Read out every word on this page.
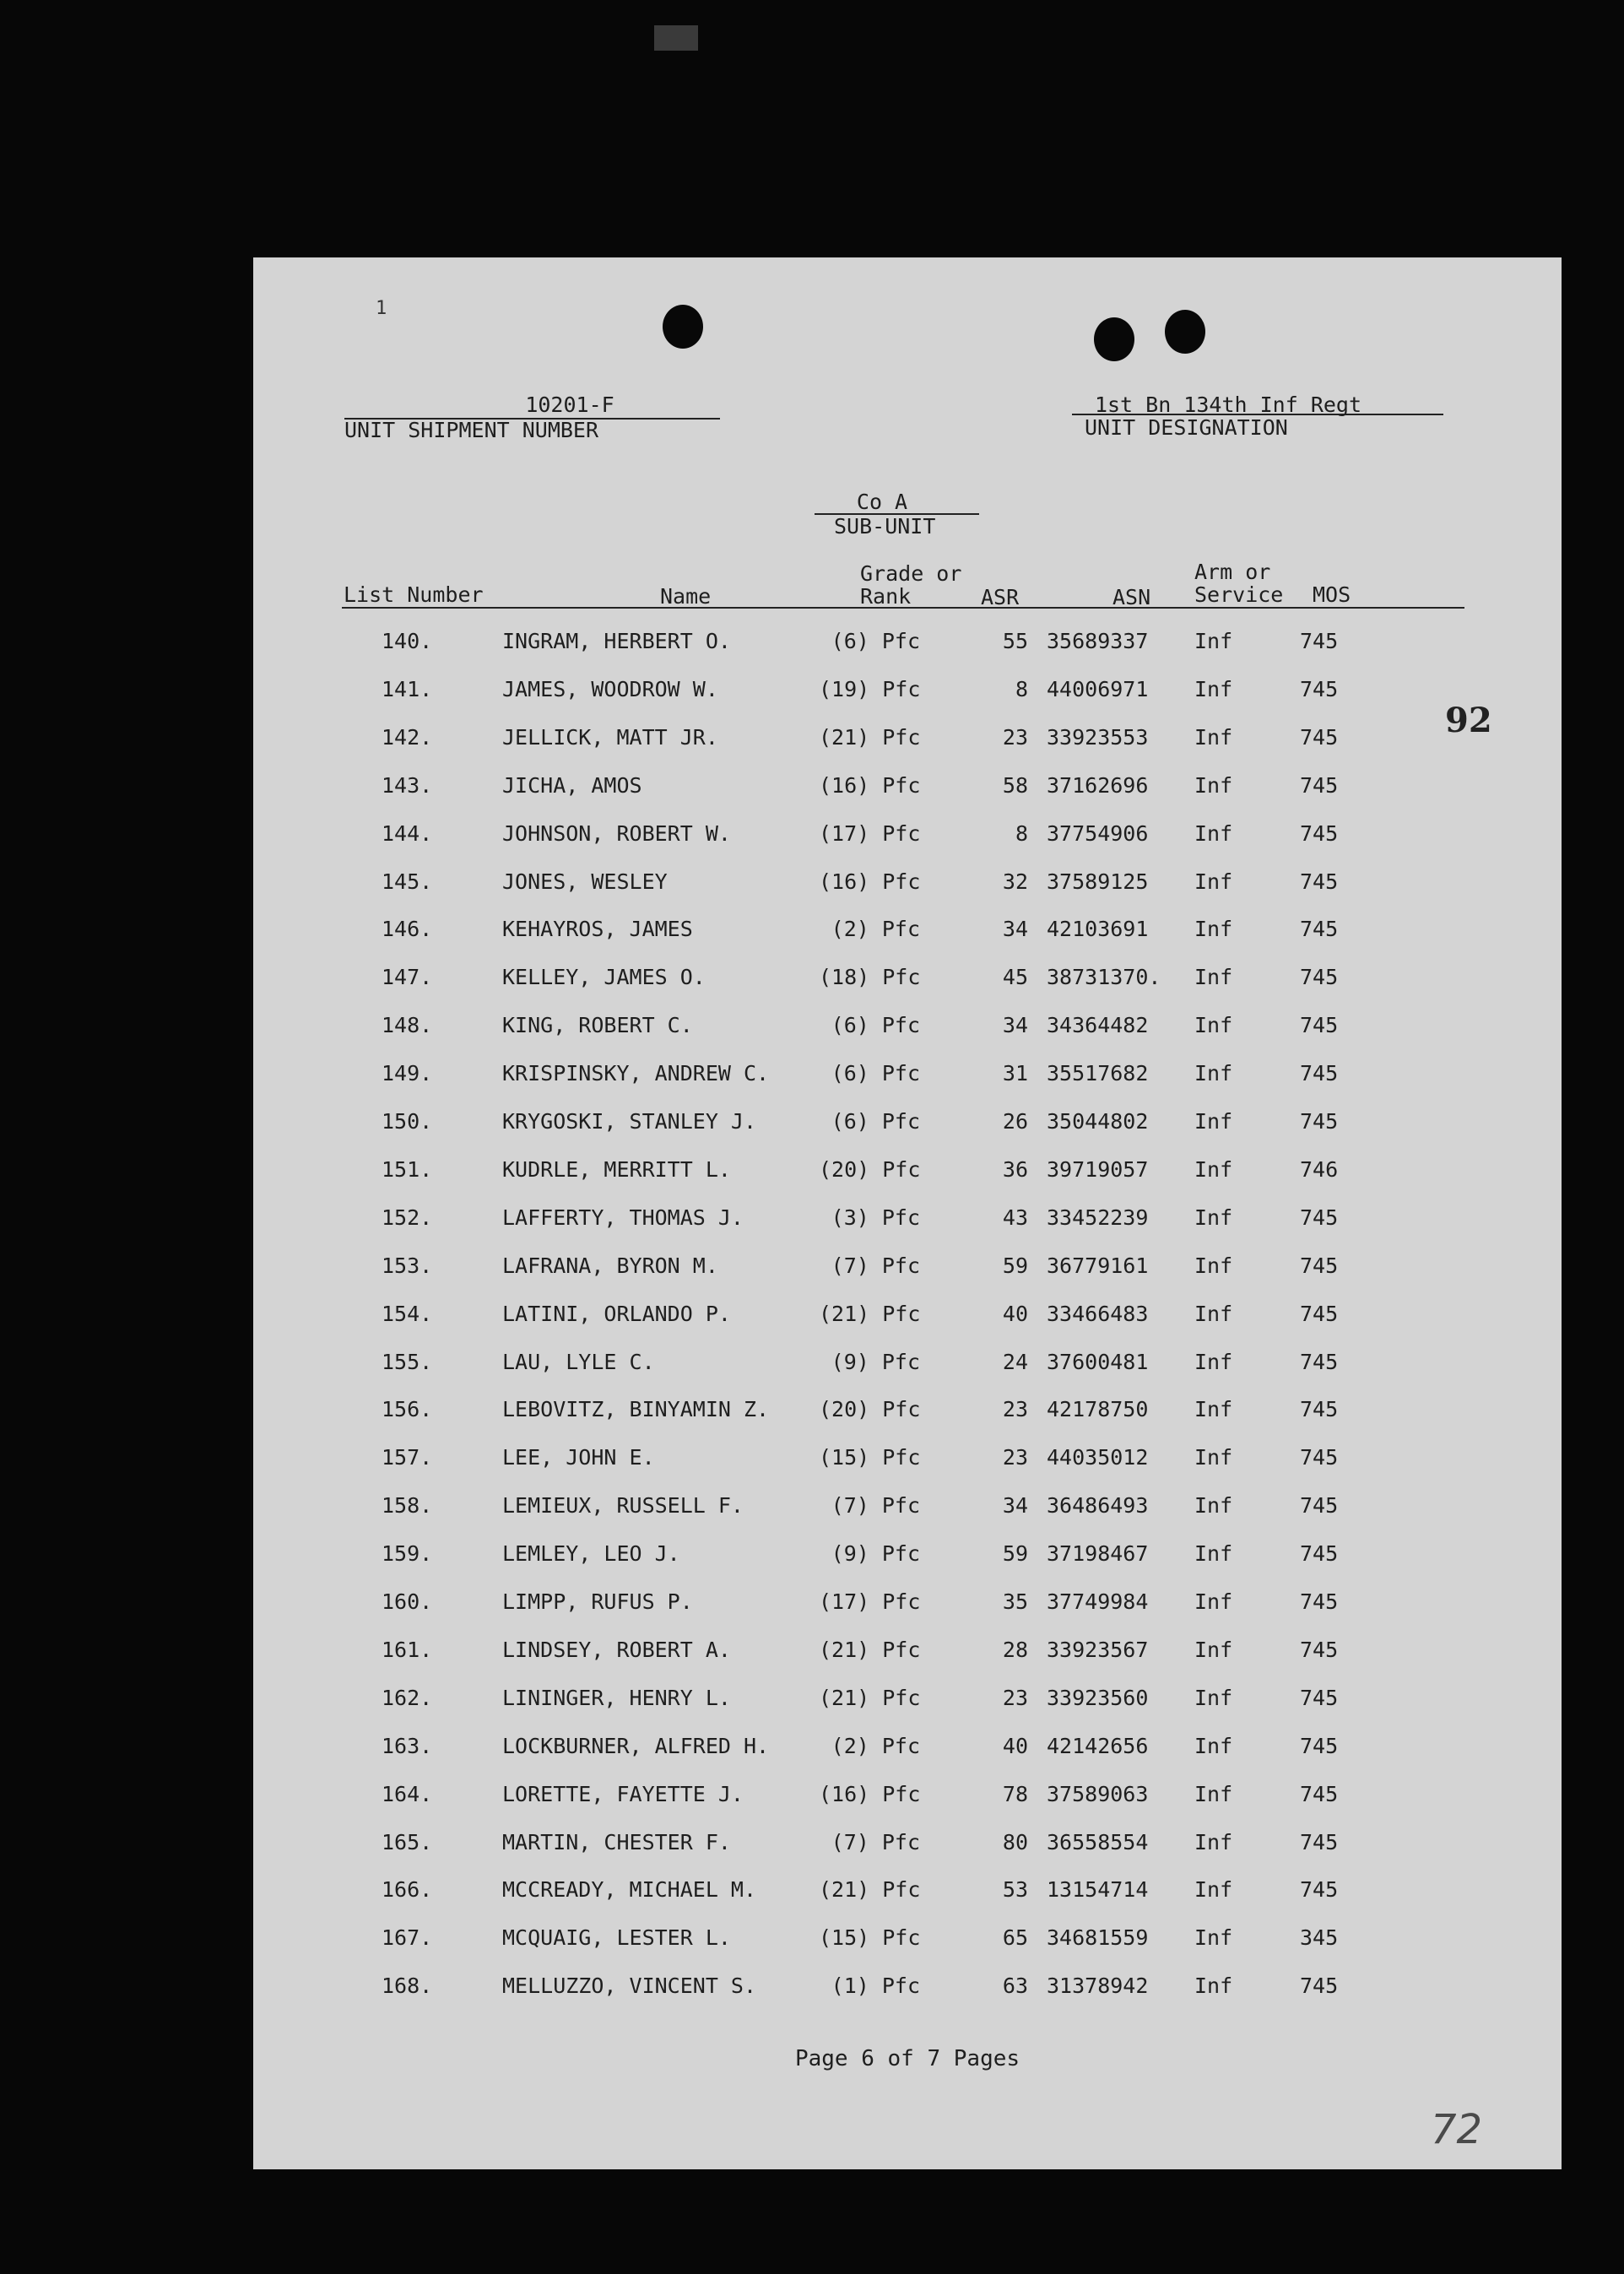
1
10201-F
UNIT SHIPMENT NUMBER
1st Bn 134th Inf Regt
UNIT DESIGNATION
Co A
SUB-UNIT
Grade or	Arm or
List Number	Name	Rank	ASR	ASN Service MOS
140.	INGRAM, HERBERT O.	(6) Pfc	55 35689337 Inf	745
141.	JAMES, WOODROW W.	(19) Pfc	8 44006971 Inf	745
142.	JELLICK, MATT JR.	(21) Pfc	23 33923553 Inf	745
143.	JICHA, AMOS	(16) Pfc	58 37162696 Inf	745
144.	JOHNSON, ROBERT W.	(17) Pfc	8 37754906 Inf	745
145.	JONES, WESLEY	(16) Pfc	32 37589125 Inf	745
146.	KEHAYROS, JAMES	(2) Pfc	34 42103691 Inf	745
147.	KELLEY, JAMES O.	(18) Pfc	45 38731370. Inf	745
148.	KING, ROBERT C.	(6) Pfc	34 34364482 Inf	745
149.	KRISPINSKY, ANDREW C.	(6) Pfc	31 35517682 Inf	745
150.	KRYGOSKI, STANLEY J.	(6) Pfc	26 35044802 Inf	745
151.	KUDRLE, MERRITT L.	(20) Pfc	36 39719057 Inf	746
152.	LAFFERTY, THOMAS J.	(3) Pfc	43 33452239 Inf	745
153.	LAFRANA, BYRON M.	(7) Pfc	59 36779161 Inf	745
154.	LATINI, ORLANDO P.	(21) Pfc	40 33466483 Inf	745
155.	LAU, LYLE C.	(9) Pfc	24 37600481 Inf	745
156.	LEBOVITZ, BINYAMIN Z. (20) Pfc	23 42178750 Inf	745
157.	LEE, JOHN E.	(15) Pfc	23 44035012 Inf	745
158.	LEMIEUX, RUSSELL F.	(7) Pfc	34 36486493 Inf	745
159.	LEMLEY, LEO J.	(9) Pfc	59 37198467 Inf	745
160.	LIMPP, RUFUS P.	(17) Pfc	35 37749984 Inf	745
161.	LINDSEY, ROBERT A.	(21) Pfc	28 33923567 Inf	745
162.	LININGER, HENRY L.	(21) Pfc	23 33923560 Inf	745
163.	LOCKBURNER, ALFRED H.	(2) Pfc	40 42142656 Inf	745
164.	LORETTE, FAYETTE J.	(16) Pfc	78 37589063 Inf	745
165.	MARTIN, CHESTER F.	(7) Pfc	80 36558554 Inf	745
166.	MCCREADY, MICHAEL M.	(21) Pfc	53 13154714 Inf	745
167.	MCQUAIG, LESTER L.	(15) Pfc	65 34681559 Inf	345
168.	MELLUZZO, VINCENT S.	(1) Pfc	63 31378942 Inf	745
Page 6 of 7 Pages
92
72
